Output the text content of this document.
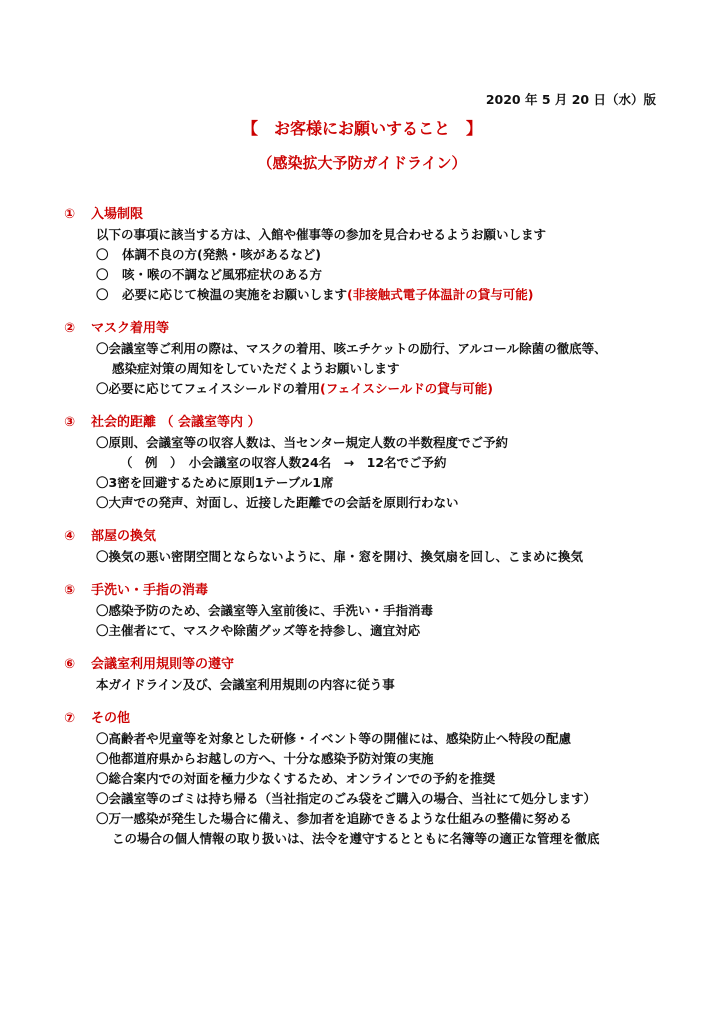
2020 年 5 月 20 日（水）版
【　お客様にお願いすること　】
（感染拡大予防ガイドライン）
① 入場制限
以下の事項に該当する方は、入館や催事等の参加を見合わせるようお願いします
〇 体調不良の方(発熱・咳があるなど)
〇 咳・喉の不調など風邪症状のある方
〇 必要に応じて検温の実施をお願いします(非接触式電子体温計の貸与可能)
② マスク着用等
〇会議室等ご利用の際は、マスクの着用、咳エチケットの励行、アルコール除菌の徹底等、
感染症対策の周知をしていただくようお願いします
〇必要に応じてフェイスシールドの着用(フェイスシールドの貸与可能)
③ 社会的距離 （ 会議室等内 ）
〇原則、会議室等の収容人数は、当センター規定人数の半数程度でご予約
（　例　）　小会議室の収容人数24名　→　12名でご予約
〇3密を回避するために原則1テーブル1席
〇大声での発声、対面し、近接した距離での会話を原則行わない
④ 部屋の換気
〇換気の悪い密閉空間とならないように、扉・窓を開け、換気扇を回し、こまめに換気
⑤ 手洗い・手指の消毒
〇感染予防のため、会議室等入室前後に、手洗い・手指消毒
〇主催者にて、マスクや除菌グッズ等を持参し、適宜対応
⑥ 会議室利用規則等の遵守
本ガイドライン及び、会議室利用規則の内容に従う事
⑦ その他
〇高齢者や児童等を対象とした研修・イベント等の開催には、感染防止へ特段の配慮
〇他都道府県からお越しの方へ、十分な感染予防対策の実施
〇総合案内での対面を極力少なくするため、オンラインでの予約を推奨
〇会議室等のゴミは持ち帰る（当社指定のごみ袋をご購入の場合、当社にて処分します）
〇万一感染が発生した場合に備え、参加者を追跡できるような仕組みの整備に努める
この場合の個人情報の取り扱いは、法令を遵守するとともに名簿等の適正な管理を徹底
